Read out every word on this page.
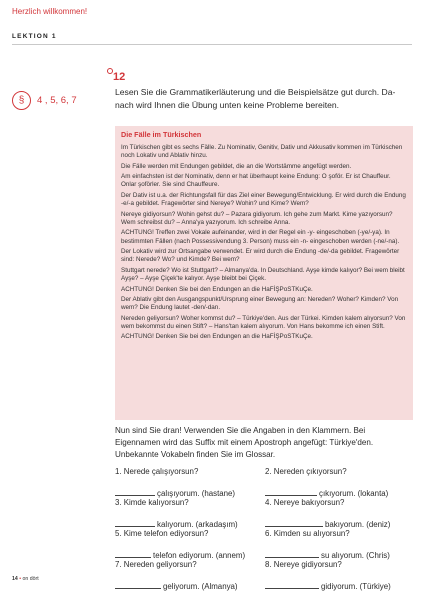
Herzlich willkommen!
LEKTION 1
12
§	4 , 5, 6, 7

Lesen Sie die Grammatikerläuterung und die Beispielsätze gut durch. Da-

nach wird Ihnen die Übung unten keine Probleme bereiten.

Die Fälle im Türkischen

Im Türkischen gibt es sechs Fälle. Zu Nominativ, Genitiv, Dativ und Akkusativ kommen im Türkischen noch Lokativ und Ablativ hinzu.

Die Fälle werden mit Endungen gebildet, die an die Wortstämme angefügt werden.

Am einfachsten ist der Nominativ, denn er hat überhaupt keine Endung: O şoför. Er ist Chauffeur. Onlar şoförler. Sie sind Chauffeure.

Der Dativ ist u.a. der Richtungsfall für das Ziel einer Bewegung/Entwicklung. Er wird durch die Endung -e/-a gebildet. Fragewörter sind Nereye? Wohin? und Kime? Wem?

Nereye gidiyorsun? Wohin gehst du? – Pazara gidiyorum. Ich gehe zum Markt. Kime yazıyorsun? Wem schreibst du? – Anna'ya yazıyorum. Ich schreibe Anna.

ACHTUNG! Treffen zwei Vokale aufeinander, wird in der Regel ein -y- eingeschoben (-ye/-ya). In bestimmten Fällen (nach Possessivendung 3. Person) muss ein -n- eingeschoben werden (-ne/-na).

Der Lokativ wird zur Ortsangabe verwendet. Er wird durch die Endung -de/-da gebildet. Fragewörter sind: Nerede? Wo? und Kimde? Bei wem?

Stuttgart nerede? Wo ist Stuttgart? – Almanya'da. In Deutschland. Ayşe kimde kalıyor? Bei wem bleibt Ayşe? – Ayşe Çiçek'te kalıyor. Ayşe bleibt bei Çiçek.

ACHTUNG! Denken Sie bei den Endungen an die HaFİŞPoSTKuÇe.

Der Ablativ gibt den Ausgangspunkt/Ursprung einer Bewegung an: Nereden? Woher? Kimden? Von wem? Die Endung lautet -den/-dan.

Nereden geliyorsun? Woher kommst du? – Türkiye'den. Aus der Türkei. Kimden kalem alıyorsun? Von wem bekommst du einen Stift? – Hans'tan kalem alıyorum. Von Hans bekomme ich einen Stift.

ACHTUNG! Denken Sie bei den Endungen an die HaFİŞPoSTKuÇe.

Nun sind Sie dran! Verwenden Sie die Angaben in den Klammern. Bei

Eigennamen wird das Suffix mit einem Apostroph angefügt: Türkiye'den.

Unbekannte Vokabeln finden Sie im Glossar.

1. Nerede çalışıyorsun?
çalışıyorum. (hastane)
2. Nereden çıkıyorsun?
çıkıyorum. (lokanta)
3. Kimde kalıyorsun?
kalıyorum. (arkadaşım)
4. Nereye bakıyorsun?
bakıyorum. (deniz)
5. Kime telefon ediyorsun?
telefon ediyorum. (annem)
6. Kimden su alıyorsun?
su alıyorum. (Chris)
7. Nereden geliyorsun?
geliyorum. (Almanya)
8. Nereye gidiyorsun?
gidiyorum. (Türkiye)
14 • on dört
